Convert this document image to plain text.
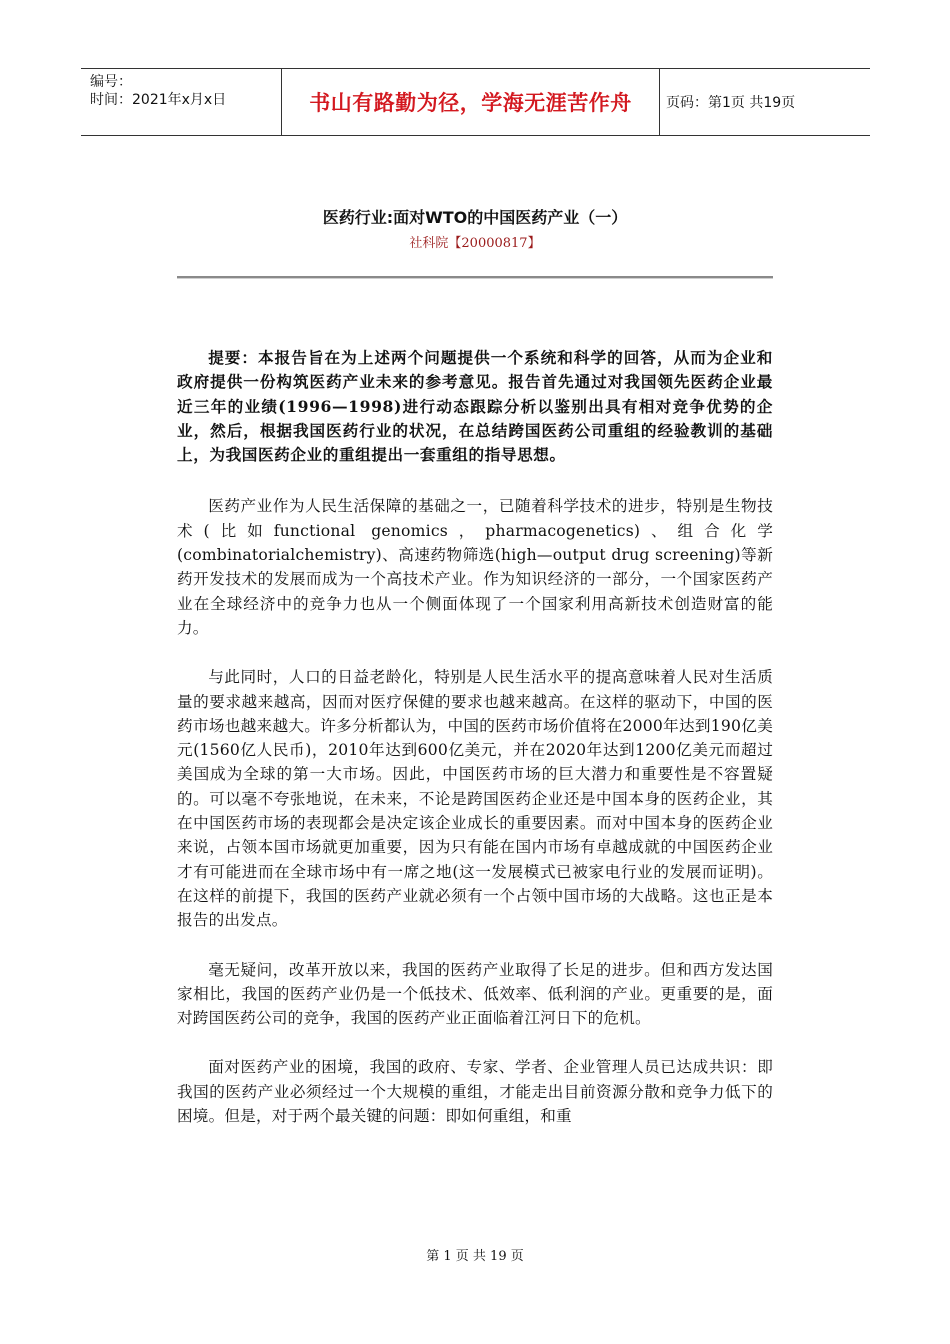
编号：
时间：2021年x月x日	书山有路勤为径，学海无涯苦作舟	页码：第1页 共19页
医药行业:面对WTO的中国医药产业（一）
社科院【20000817】

提要：本报告旨在为上述两个问题提供一个系统和科学的回答，从而为企业和政府提供一份构筑医药产业未来的参考意见。报告首先通过对我国领先医药企业最近三年的业绩(1996—1998)进行动态跟踪分析以鉴别出具有相对竞争优势的企业，然后，根据我国医药行业的状况，在总结跨国医药公司重组的经验教训的基础上，为我国医药企业的重组提出一套重组的指导思想。

医药产业作为人民生活保障的基础之一，已随着科学技术的进步，特别是生物技术(比如functional genomics，pharmacogenetics)、组合化学(combinatorialchemistry)、高速药物筛选(high—output drug screening)等新药开发技术的发展而成为一个高技术产业。作为知识经济的一部分，一个国家医药产业在全球经济中的竞争力也从一个侧面体现了一个国家利用高新技术创造财富的能力。

与此同时，人口的日益老龄化，特别是人民生活水平的提高意味着人民对生活质量的要求越来越高，因而对医疗保健的要求也越来越高。在这样的驱动下，中国的医药市场也越来越大。许多分析都认为，中国的医药市场价值将在2000年达到190亿美元(1560亿人民币)，2010年达到600亿美元，并在2020年达到1200亿美元而超过美国成为全球的第一大市场。因此，中国医药市场的巨大潜力和重要性是不容置疑的。可以毫不夸张地说，在未来，不论是跨国医药企业还是中国本身的医药企业，其在中国医药市场的表现都会是决定该企业成长的重要因素。而对中国本身的医药企业来说，占领本国市场就更加重要，因为只有能在国内市场有卓越成就的中国医药企业才有可能进而在全球市场中有一席之地(这一发展模式已被家电行业的发展而证明)。在这样的前提下，我国的医药产业就必须有一个占领中国市场的大战略。这也正是本报告的出发点。

毫无疑问，改革开放以来，我国的医药产业取得了长足的进步。但和西方发达国家相比，我国的医药产业仍是一个低技术、低效率、低利润的产业。更重要的是，面对跨国医药公司的竞争，我国的医药产业正面临着江河日下的危机。

面对医药产业的困境，我国的政府、专家、学者、企业管理人员已达成共识：即我国的医药产业必须经过一个大规模的重组，才能走出目前资源分散和竞争力低下的困境。但是，对于两个最关键的问题：即如何重组，和重

第 1 页 共 19 页
